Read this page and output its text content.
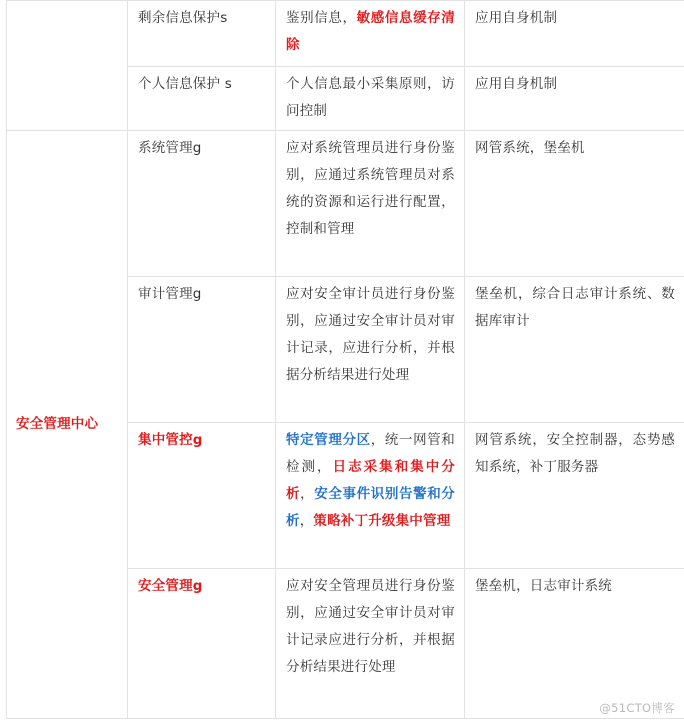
	剩余信息保护s	鉴别信息，敏感信息缓存清除	应用自身机制
	个人信息保护 s	个人信息最小采集原则，访问控制	应用自身机制
安全管理中心	系统管理g	应对系统管理员进行身份鉴别，应通过系统管理员对系统的资源和运行进行配置，控制和管理	网管系统，堡垒机
	审计管理g	应对安全审计员进行身份鉴别，应通过安全审计员对审计记录，应进行分析，并根据分析结果进行处理	堡垒机，综合日志审计系统、数据库审计
	集中管控g	特定管理分区，统一网管和检测，日志采集和集中分析，安全事件识别告警和分析，策略补丁升级集中管理	网管系统，安全控制器，态势感知系统，补丁服务器
	安全管理g	应对安全管理员进行身份鉴别，应通过安全审计员对审计记录应进行分析，并根据分析结果进行处理	堡垒机，日志审计系统
@51CTO博客
